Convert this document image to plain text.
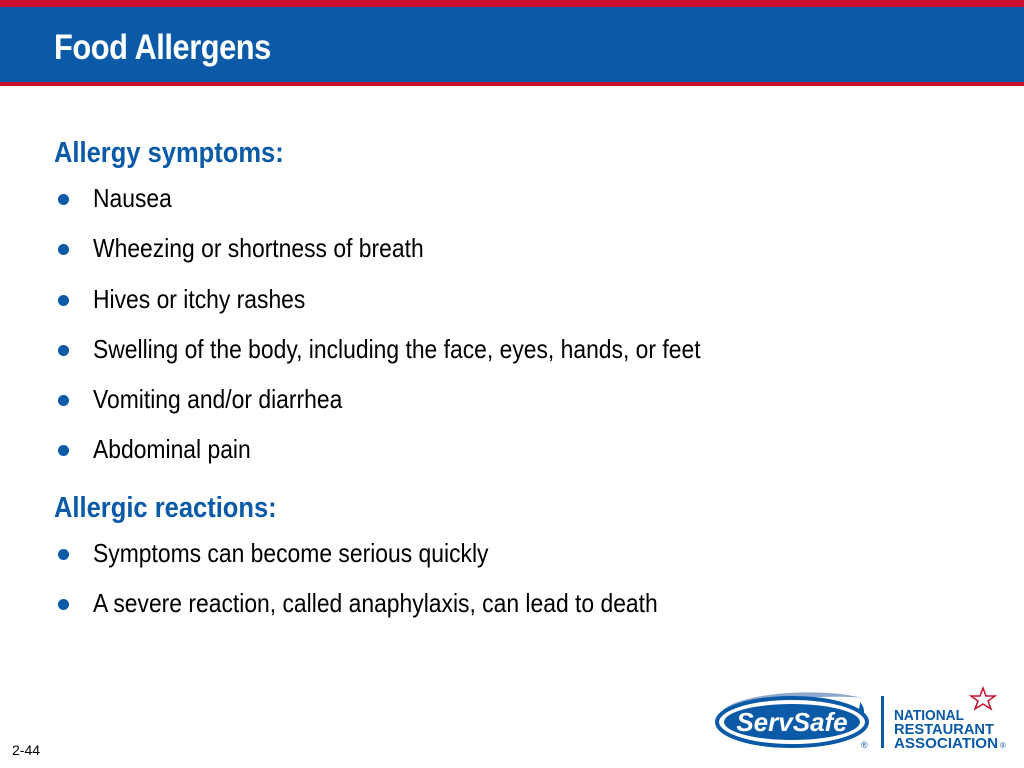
Food Allergens
Allergy symptoms:
Nausea
Wheezing or shortness of breath
Hives or itchy rashes
Swelling of the body, including the face, eyes, hands, or feet
Vomiting and/or diarrhea
Abdominal pain
Allergic reactions:
Symptoms can become serious quickly
A severe reaction, called anaphylaxis, can lead to death
2-44
ServSafe
®
NATIONAL
RESTAURANT
ASSOCIATION ®
